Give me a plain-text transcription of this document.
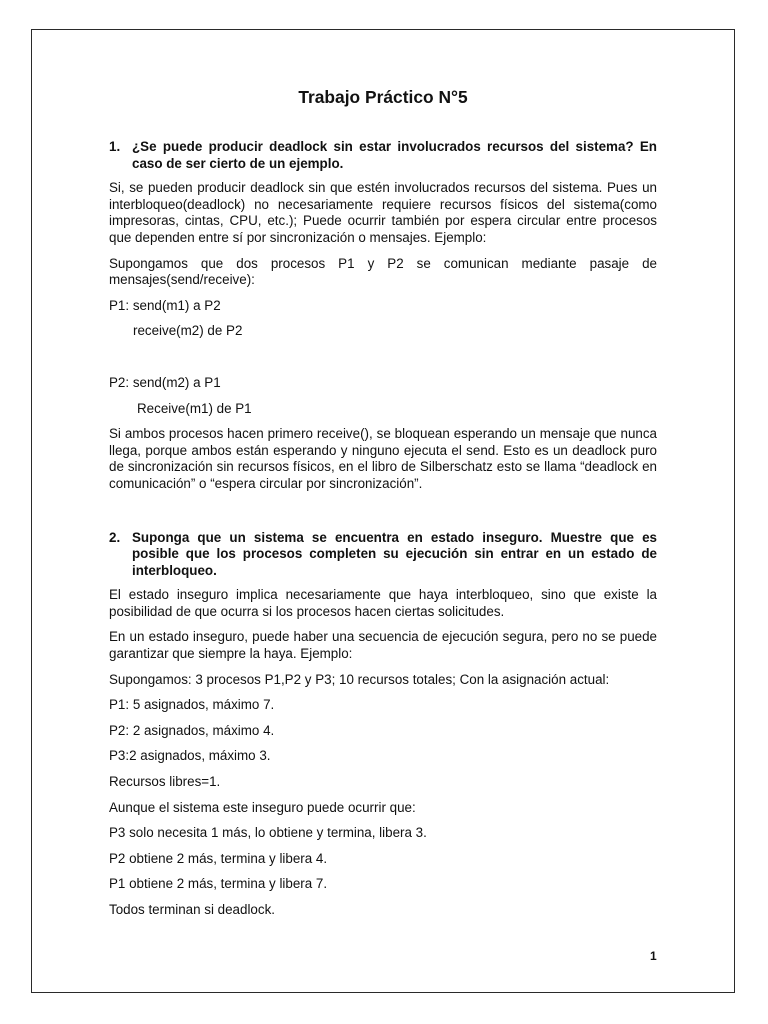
Trabajo Práctico N°5
1. ¿Se puede producir deadlock sin estar involucrados recursos del sistema? En caso de ser cierto de un ejemplo.

Si, se pueden producir deadlock sin que estén involucrados recursos del sistema. Pues un interbloqueo(deadlock) no necesariamente requiere recursos físicos del sistema(como impresoras, cintas, CPU, etc.); Puede ocurrir también por espera circular entre procesos que dependen entre sí por sincronización o mensajes. Ejemplo:

Supongamos que dos procesos P1 y P2 se comunican mediante pasaje de mensajes(send/receive):

P1: send(m1) a P2

receive(m2) de P2

P2: send(m2) a P1

Receive(m1) de P1

Si ambos procesos hacen primero receive(), se bloquean esperando un mensaje que nunca llega, porque ambos están esperando y ninguno ejecuta el send. Esto es un deadlock puro de sincronización sin recursos físicos, en el libro de Silberschatz esto se llama “deadlock en comunicación” o “espera circular por sincronización”.

2. Suponga que un sistema se encuentra en estado inseguro. Muestre que es posible que los procesos completen su ejecución sin entrar en un estado de interbloqueo.

El estado inseguro implica necesariamente que haya interbloqueo, sino que existe la posibilidad de que ocurra si los procesos hacen ciertas solicitudes.

En un estado inseguro, puede haber una secuencia de ejecución segura, pero no se puede garantizar que siempre la haya. Ejemplo:

Supongamos: 3 procesos P1,P2 y P3; 10 recursos totales; Con la asignación actual:

P1: 5 asignados, máximo 7.

P2: 2 asignados, máximo 4.

P3:2 asignados, máximo 3.

Recursos libres=1.

Aunque el sistema este inseguro puede ocurrir que:

P3 solo necesita 1 más, lo obtiene y termina, libera 3.

P2 obtiene 2 más, termina y libera 4.

P1 obtiene 2 más, termina y libera 7.

Todos terminan si deadlock.

1
